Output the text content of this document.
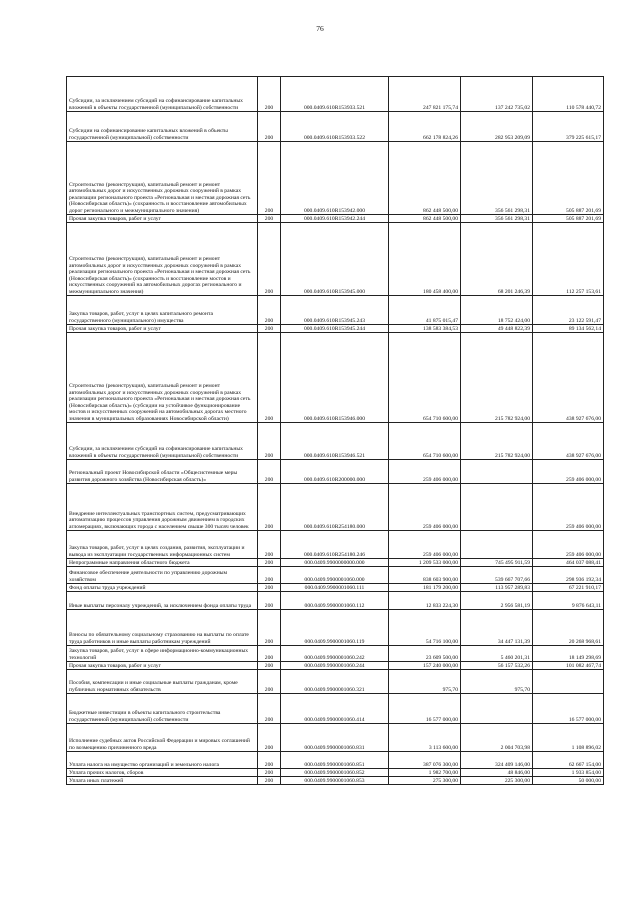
76
Субсидии, за исключением субсидий на софинансирование капитальных вложений в объекты государственной (муниципальной) собственности	200	000.0409.610R153933.521	247 821 175,74	137 242 735,02	110 578 440,72
Субсидии на софинансирование капитальных вложений в объекты государственной (муниципальной) собственности	200	000.0409.610R153933.522	662 178 824,26	282 953 209,09	379 225 615,17
Строительство (реконструкция), капитальный ремонт и ремонт автомобильных дорог и искусственных дорожных сооружений в рамках реализации регионального проекта «Региональная и местная дорожная сеть (Новосибирская область)» (сохранность и восстановление автомобильных дорог регионального и межмуниципального значения)	200	000.0409.610R153942.000	862 448 500,00	356 561 298,31	505 887 201,69
Прочая закупка товаров, работ и услуг	200	000.0409.610R153942.244	862 448 500,00	356 561 298,31	505 887 201,69
Строительство (реконструкция), капитальный ремонт и ремонт автомобильных дорог и искусственных дорожных сооружений в рамках реализации регионального проекта «Региональная и местная дорожная сеть (Новосибирская область)» (сохранность и восстановление мостов и искусственных сооружений на автомобильных дорогах регионального и межмуниципального значения)	200	000.0409.610R153945.000	180 458 400,00	68 201 246,39	112 257 153,61
Закупка товаров, работ, услуг в целях капитального ремонта государственного (муниципального) имущества	200	000.0409.610R153945.243	41 875 015,47	18 752 424,00	23 122 591,47
Прочая закупка товаров, работ и услуг	200	000.0409.610R153945.244	138 583 384,53	49 448 822,39	89 134 562,14
Строительство (реконструкция), капитальный ремонт и ремонт автомобильных дорог и искусственных дорожных сооружений в рамках реализации регионального проекта «Региональная и местная дорожная сеть (Новосибирская область)» (субсидии на устойчивое функционирование мостов и искусственных сооружений на автомобильных дорогах местного значения в муниципальных образованиях Новосибирской области)	200	000.0409.610R153946.000	654 710 600,00	215 782 924,00	438 927 676,00
Субсидии, за исключением субсидий на софинансирование капитальных вложений в объекты государственной (муниципальной) собственности	200	000.0409.610R153946.521	654 710 600,00	215 782 924,00	438 927 676,00
Региональный проект Новосибирской области «Общесистемные меры развития дорожного хозяйства (Новосибирская область)»	200	000.0409.610R200000.000	259 406 000,00		259 406 000,00
Внедрение интеллектуальных транспортных систем, предусматривающих автоматизацию процессов управления дорожным движением в городских агломерациях, включающих города с населением свыше 300 тысяч человек	200	000.0409.610R254180.000	259 406 000,00		259 406 000,00
Закупка товаров, работ, услуг в целях создания, развития, эксплуатации и вывода из эксплуатации государственных информационных систем	200	000.0409.610R254180.246	259 406 000,00		259 406 000,00
Непрограммные направления областного бюджета	200	000.0409.9900000000.000	1 209 533 000,00	745 495 911,59	464 037 088,41
Финансовое обеспечение деятельности по управлению дорожным хозяйством	200	000.0409.9900001060.000	838 603 900,00	539 667 707,66	298 936 192,34
Фонд оплаты труда учреждений	200	000.0409.9900001060.111	181 179 200,00	113 957 289,83	67 221 910,17
Иные выплаты персоналу учреждений, за исключением фонда оплаты труда	200	000.0409.9900001060.112	12 833 224,30	2 956 581,19	9 876 643,11
Взносы по обязательному социальному страхованию на выплаты по оплате труда работников и иные выплаты работникам учреждений	200	000.0409.9900001060.119	54 716 100,00	34 447 131,39	20 268 968,61
Закупка товаров, работ, услуг в сфере информационно-коммуникационных технологий	200	000.0409.9900001060.242	23 609 500,00	5 460 201,31	18 149 298,69
Прочая закупка товаров, работ и услуг	200	000.0409.9900001060.244	157 240 000,00	56 157 532,26	101 082 467,74
Пособия, компенсации и иные социальные выплаты гражданам, кроме публичных нормативных обязательств	200	000.0409.9900001060.321	975,70	975,70	
Бюджетные инвестиции в объекты капитального строительства государственной (муниципальной) собственности	200	000.0409.9900001060.414	16 577 000,00		16 577 000,00
Исполнение судебных актов Российской Федерации и мировых соглашений по возмещению причиненного вреда	200	000.0409.9900001060.831	3 113 600,00	2 004 703,98	1 108 896,02
Уплата налога на имущество организаций и земельного налога	200	000.0409.9900001060.851	387 076 300,00	324 409 146,00	62 667 154,00
Уплата прочих налогов, сборов	200	000.0409.9900001060.852	1 982 700,00	48 846,00	1 933 854,00
Уплата иных платежей	200	000.0409.9900001060.853	275 300,00	225 300,00	50 000,00
